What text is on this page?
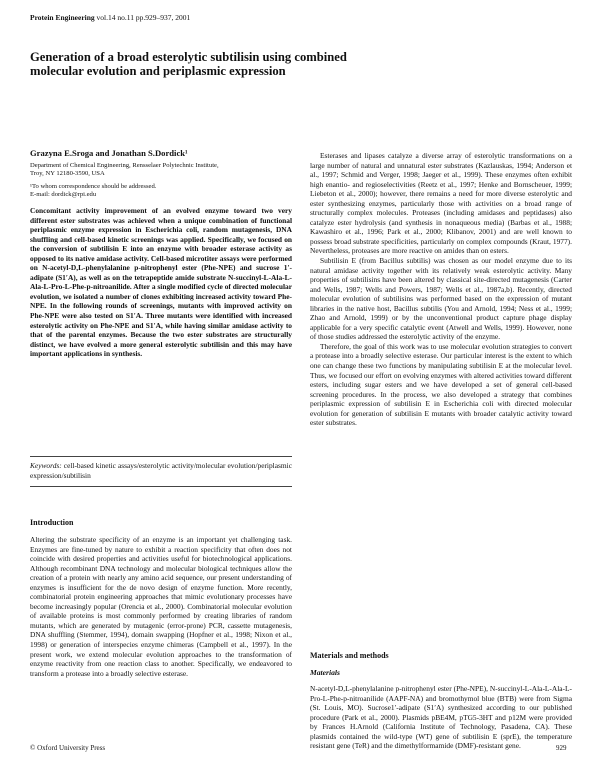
Protein Engineering vol.14 no.11 pp.929–937, 2001
Generation of a broad esterolytic subtilisin using combined
molecular evolution and periplasmic expression
Grazyna E.Sroga and Jonathan S.Dordick¹
Department of Chemical Engineering, Rensselaer Polytechnic Institute,
Troy, NY 12180-3590, USA
¹To whom correspondence should be addressed.
E-mail: dordick@rpi.edu

Concomitant activity improvement of an evolved enzyme toward two very different ester substrates was achieved when a unique combination of functional periplasmic enzyme expression in Escherichia coli, random mutagenesis, DNA shuffling and cell-based kinetic screenings was applied. Specifically, we focused on the conversion of subtilisin E into an enzyme with broader esterase activity as opposed to its native amidase activity. Cell-based microtiter assays were performed on N-acetyl-D,L-phenylalanine p-nitrophenyl ester (Phe-NPE) and sucrose 1′-adipate (S1′A), as well as on the tetrapeptide amide substrate N-succinyl-L-Ala-L-Ala-L-Pro-L-Phe-p-nitroanilide. After a single modified cycle of directed molecular evolution, we isolated a number of clones exhibiting increased activity toward Phe-NPE. In the following rounds of screenings, mutants with improved activity on Phe-NPE were also tested on S1′A. Three mutants were identified with increased esterolytic activity on Phe-NPE and S1′A, while having similar amidase activity to that of the parental enzymes. Because the two ester substrates are structurally distinct, we have evolved a more general esterolytic subtilisin and this may have important applications in synthesis.

Keywords: cell-based kinetic assays/esterolytic activity/molecular evolution/periplasmic expression/subtilisin

Introduction

Altering the substrate specificity of an enzyme is an important yet challenging task. Enzymes are fine-tuned by nature to exhibit a reaction specificity that often does not coincide with desired properties and activities useful for biotechnological applications. Although recombinant DNA technology and molecular biological techniques allow the creation of a protein with nearly any amino acid sequence, our present understanding of enzymes is insufficient for the de novo design of enzyme function. More recently, combinatorial protein engineering approaches that mimic evolutionary processes have become increasingly popular (Orencia et al., 2000). Combinatorial molecular evolution of available proteins is most commonly performed by creating libraries of random mutants, which are generated by mutagenic (error-prone) PCR, cassette mutagenesis, DNA shuffling (Stemmer, 1994), domain swapping (Hopfner et al., 1998; Nixon et al., 1998) or generation of interspecies enzyme chimeras (Campbell et al., 1997). In the present work, we extend molecular evolution approaches to the transformation of enzyme reactivity from one reaction class to another. Specifically, we endeavored to transform a protease into a broadly selective esterase.

Esterases and lipases catalyze a diverse array of esterolytic transformations on a large number of natural and unnatural ester substrates (Kazlauskas, 1994; Anderson et al., 1997; Schmid and Verger, 1998; Jaeger et al., 1999). These enzymes often exhibit high enantio- and regioselectivities (Reetz et al., 1997; Henke and Bornscheuer, 1999; Liebeton et al., 2000); however, there remains a need for more diverse esterolytic and ester synthesizing enzymes, particularly those with activities on a broad range of structurally complex molecules. Proteases (including amidases and peptidases) also catalyze ester hydrolysis (and synthesis in nonaqueous media) (Barbas et al., 1988; Kawashiro et al., 1996; Park et al., 2000; Klibanov, 2001) and are well known to possess broad substrate specificities, particularly on complex compounds (Kraut, 1977). Nevertheless, proteases are more reactive on amides than on esters.

Subtilisin E (from Bacillus subtilis) was chosen as our model enzyme due to its natural amidase activity together with its relatively weak esterolytic activity. Many properties of subtilisins have been altered by classical site-directed mutagenesis (Carter and Wells, 1987; Wells and Powers, 1987; Wells et al., 1987a,b). Recently, directed molecular evolution of subtilisins was performed based on the expression of mutant libraries in the native host, Bacillus subtilis (You and Arnold, 1994; Ness et al., 1999; Zhao and Arnold, 1999) or by the unconventional product capture phage display applicable for a very specific catalytic event (Atwell and Wells, 1999). However, none of those studies addressed the esterolytic activity of the enzyme.

Therefore, the goal of this work was to use molecular evolution strategies to convert a protease into a broadly selective esterase. Our particular interest is the extent to which one can change these two functions by manipulating subtilisin E at the molecular level. Thus, we focused our effort on evolving enzymes with altered activities toward different esters, including sugar esters and we have developed a set of general cell-based screening procedures. In the process, we also developed a strategy that combines periplasmic expression of subtilisin E in Escherichia coli with directed molecular evolution for generation of subtilisin E mutants with broader catalytic activity toward ester substrates.

Materials and methods
Materials

N-acetyl-D,L-phenylalanine p-nitrophenyl ester (Phe-NPE), N-succinyl-L-Ala-L-Ala-L-Pro-L-Phe-p-nitroanilide (AAPF-NA) and bromothymol blue (BTB) were from Sigma (St. Louis, MO). Sucrose1′-adipate (S1′A) synthesized according to our published procedure (Park et al., 2000). Plasmids pBE4M, pTG5-3HT and p12M were provided by Frances H.Arnold (California Institute of Technology, Pasadena, CA). These plasmids contained the wild-type (WT) gene of subtilisin E (sprE), the temperature resistant gene (TeR) and the dimethylformamide (DMF)-resistant gene.

© Oxford University Press	929
